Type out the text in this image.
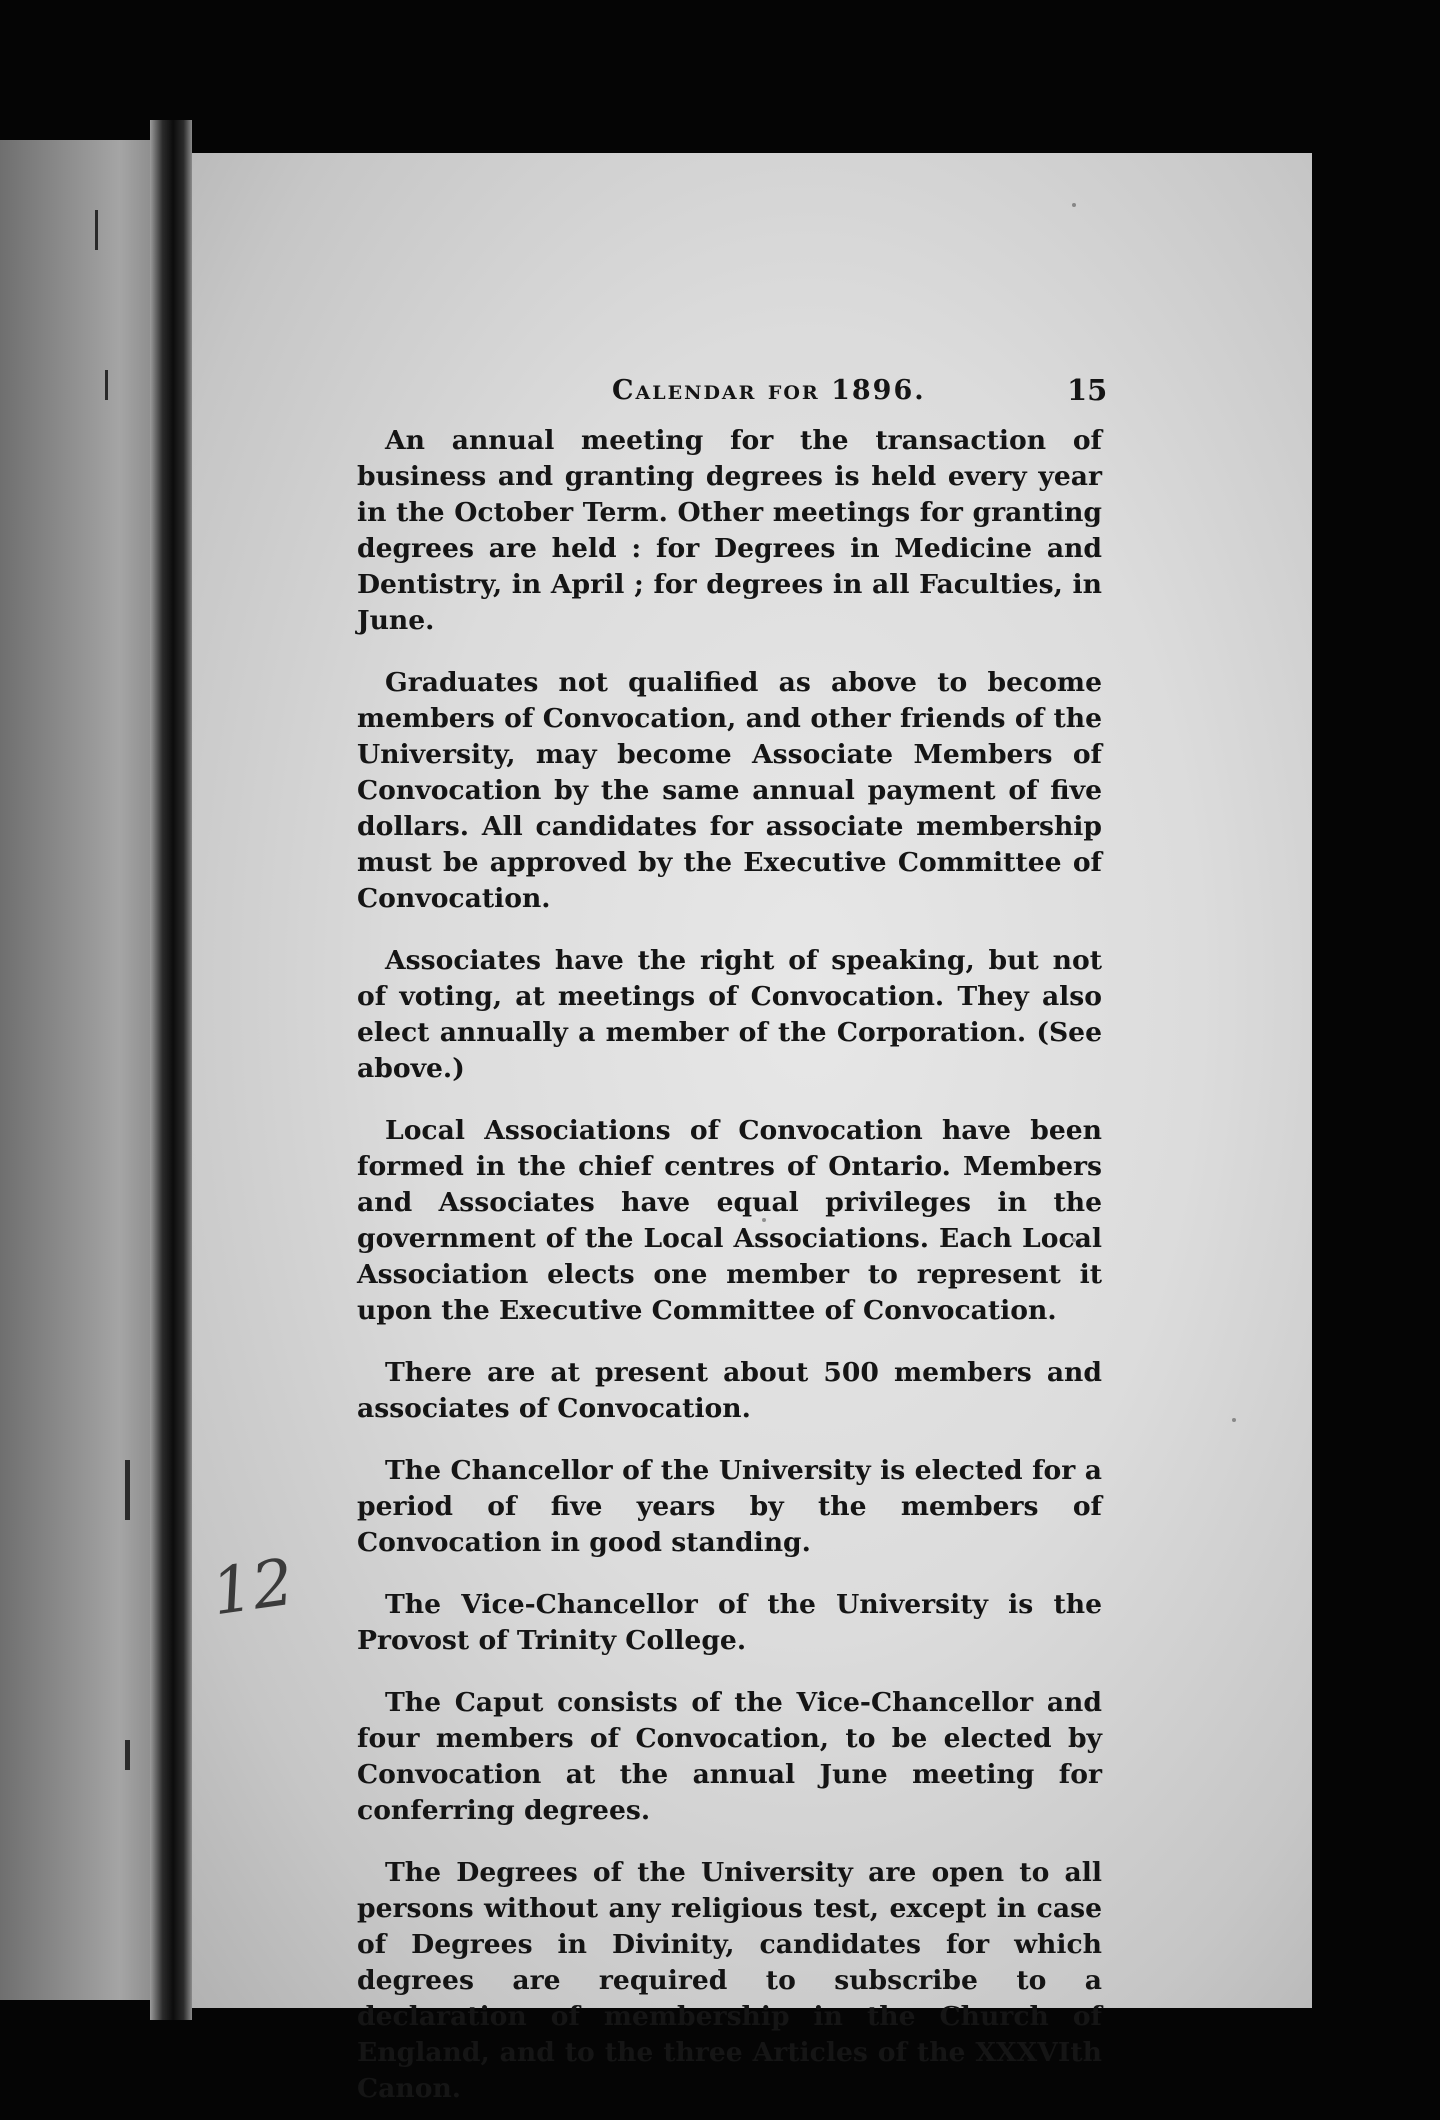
Calendar for 1896.	15
12

An annual meeting for the transaction of business and granting degrees is held every year in the October Term. Other meetings for granting degrees are held : for Degrees in Medicine and Dentistry, in April ; for degrees in all Faculties, in June.

Graduates not qualified as above to become members of Convocation, and other friends of the University, may become Associate Members of Convocation by the same annual payment of five dollars. All candidates for associate membership must be approved by the Executive Committee of Convocation.

Associates have the right of speaking, but not of voting, at meetings of Convocation. They also elect annually a member of the Corporation. (See above.)

Local Associations of Convocation have been formed in the chief centres of Ontario. Members and Associates have equal privileges in the government of the Local Associations. Each Local Association elects one member to represent it upon the Executive Committee of Convocation.

There are at present about 500 members and associates of Convocation.

The Chancellor of the University is elected for a period of five years by the members of Convocation in good standing.

The Vice-Chancellor of the University is the Provost of Trinity College.

The Caput consists of the Vice-Chancellor and four members of Convocation, to be elected by Convocation at the annual June meeting for conferring degrees.

The Degrees of the University are open to all persons without any religious test, except in case of Degrees in Divinity, candidates for which degrees are required to subscribe to a declaration of membership in the Church of England, and to the three Articles of the XXXVIth Canon.
